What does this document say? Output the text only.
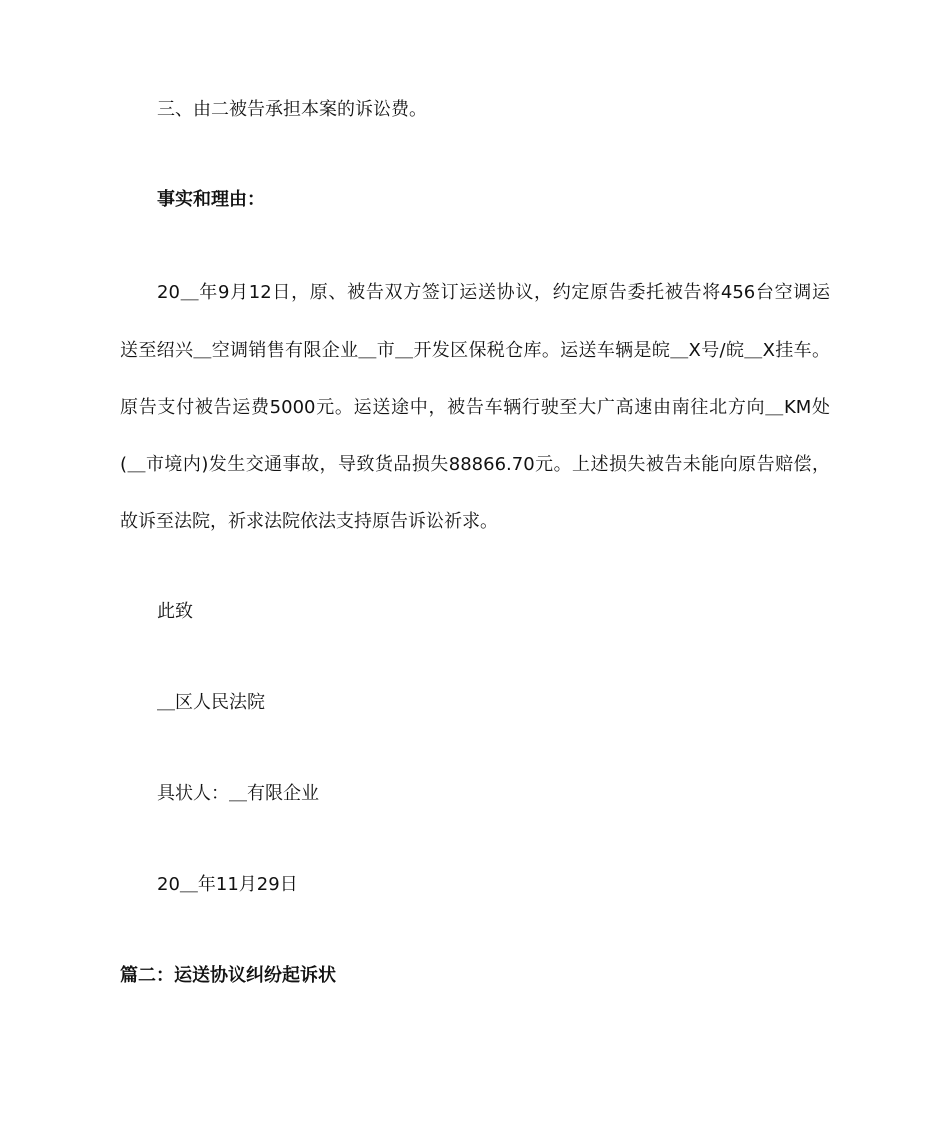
三、由二被告承担本案的诉讼费。
事实和理由：
20＿年9月12日，原、被告双方签订运送协议，约定原告委托被告将456台空调运
送至绍兴＿空调销售有限企业＿市＿开发区保税仓库。运送车辆是皖＿X号/皖＿X挂车。
原告支付被告运费5000元。运送途中，被告车辆行驶至大广高速由南往北方向＿KM处
(＿市境内)发生交通事故，导致货品损失88866.70元。上述损失被告未能向原告赔偿，
故诉至法院，祈求法院依法支持原告诉讼祈求。
此致
＿区人民法院
具状人：＿有限企业
20＿年11月29日
篇二：运送协议纠纷起诉状
